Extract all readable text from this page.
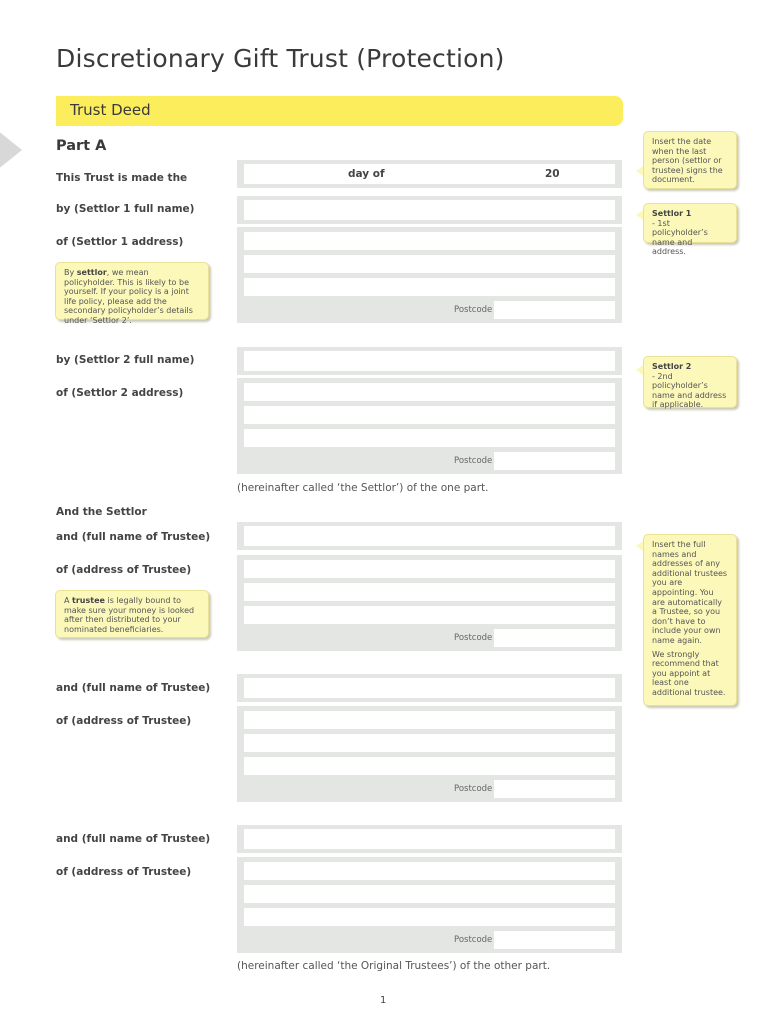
Discretionary Gift Trust (Protection)
Trust Deed
Part A
This Trust is made the	day of	20
by (Settlor 1 full name)
of (Settlor 1 address)
Postcode
By settlor, we mean policyholder. This is likely to be yourself. If your policy is a joint life policy, please add the secondary policyholder’s details under ‘Settlor 2’.
by (Settlor 2 full name)
of (Settlor 2 address)
Postcode
(hereinafter called ‘the Settlor’) of the one part.
And the Settlor
and (full name of Trustee)
of (address of Trustee)
Postcode
A trustee is legally bound to make sure your money is looked after then distributed to your nominated beneficiaries.
and (full name of Trustee)
of (address of Trustee)
Postcode
and (full name of Trustee)
of (address of Trustee)
Postcode
(hereinafter called ‘the Original Trustees’) of the other part.
Insert the date when the last person (settlor or trustee) signs the document.
Settlor 1
- 1st policyholder’s name and address.
Settlor 2
- 2nd policyholder’s name and address if applicable.
Insert the full names and addresses of any additional trustees you are appointing. You are automatically a Trustee, so you don’t have to include your own name again.
We strongly recommend that you appoint at least one additional trustee.
1
